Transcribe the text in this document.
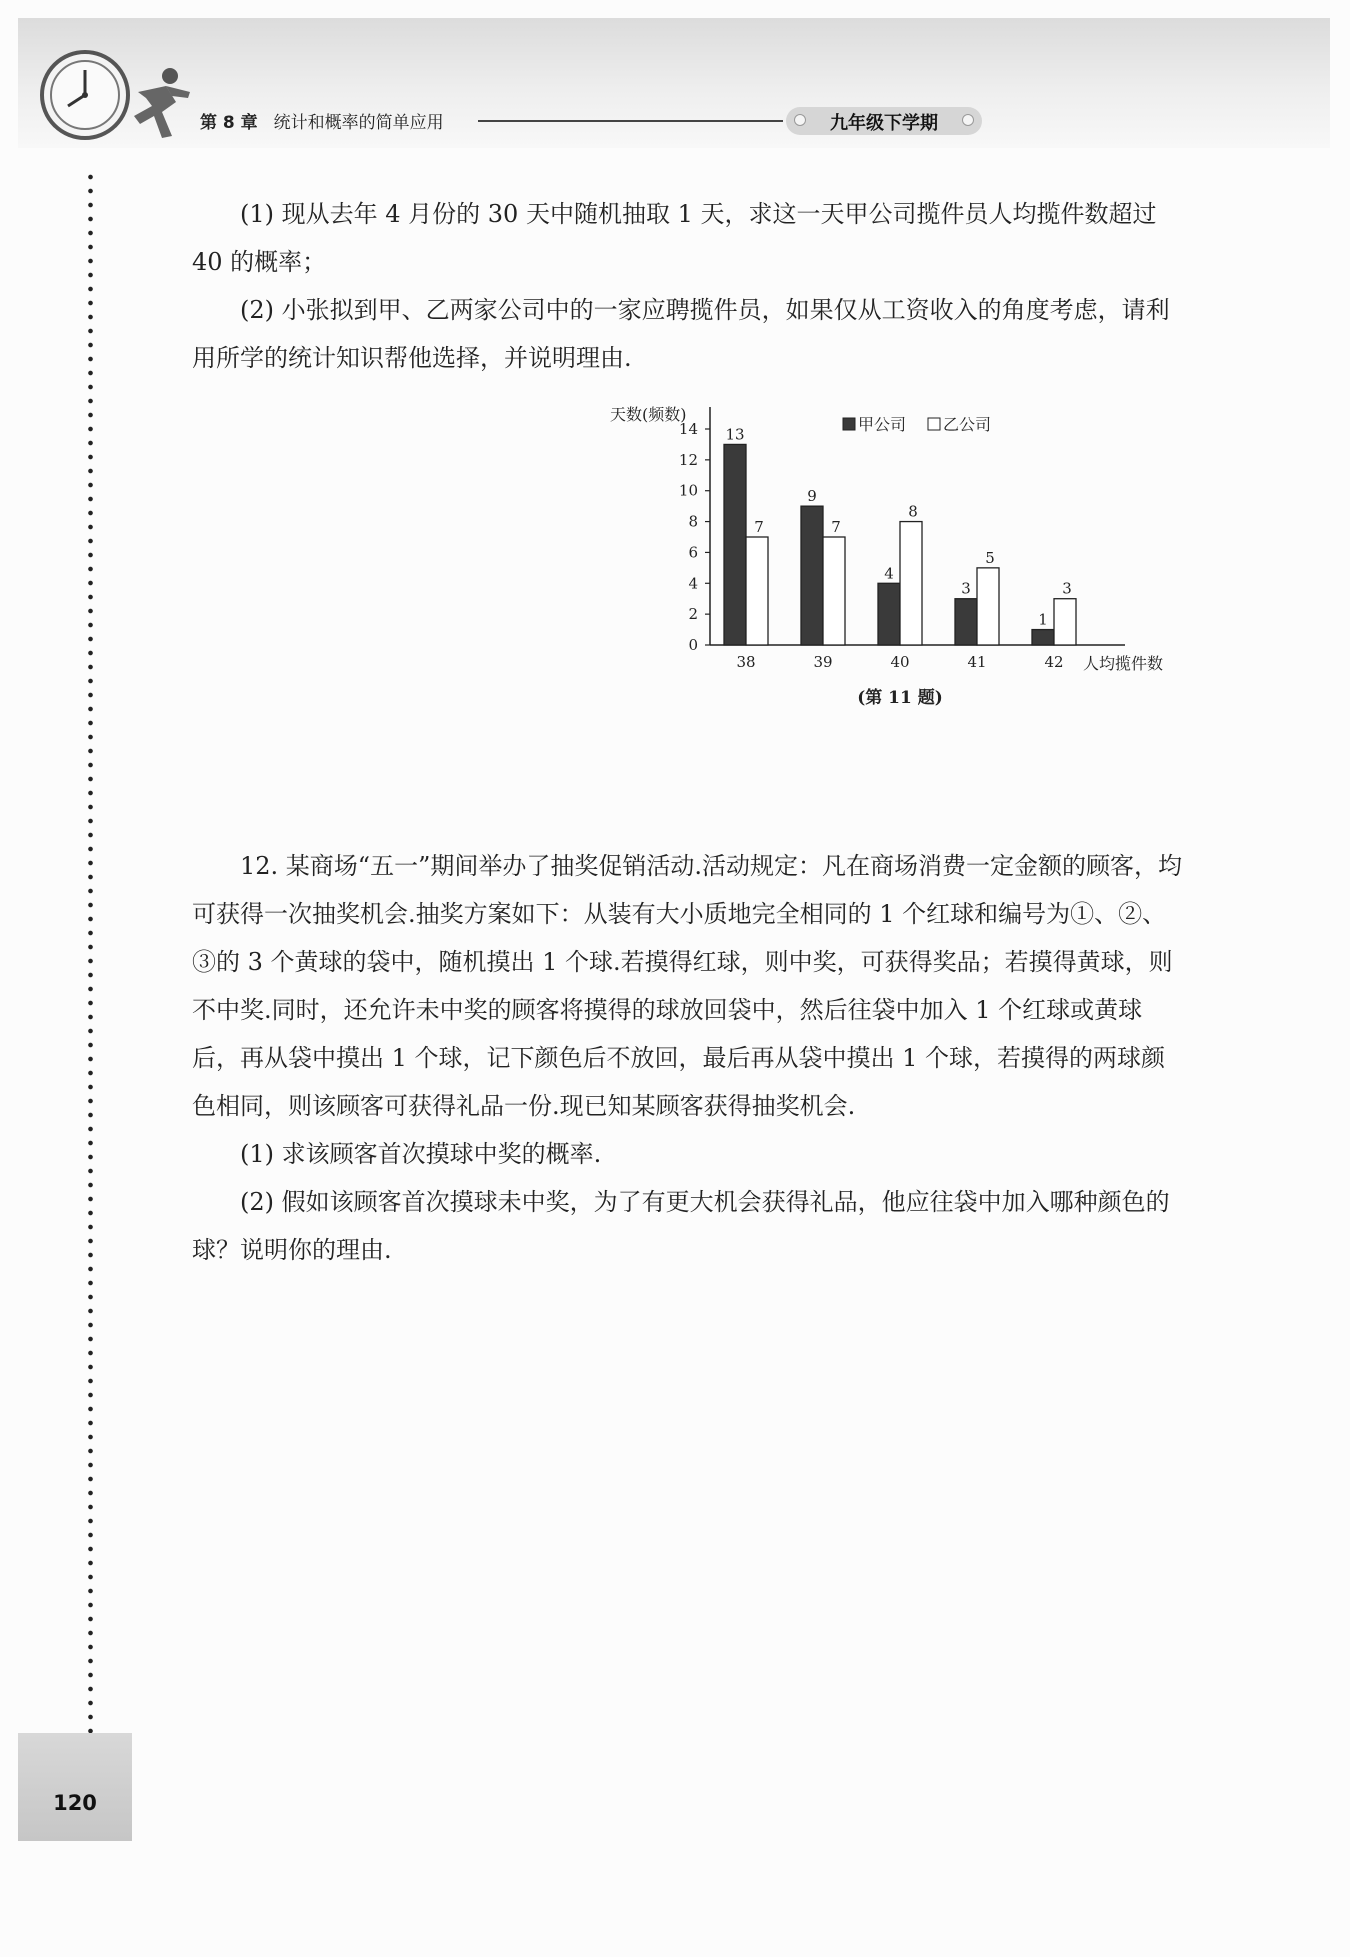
第 8 章 统计和概率的简单应用	九年级下学期

(1) 现从去年 4 月份的 30 天中随机抽取 1 天，求这一天甲公司揽件员人均揽件数超过 40 的概率；

(2) 小张拟到甲、乙两家公司中的一家应聘揽件员，如果仅从工资收入的角度考虑，请利用所学的统计知识帮他选择，并说明理由.

0
2
4
6
8
10
12
14
天数(频数)
13
7
38
9
7
39
4
8
40
3
5
41
1
3
42 人均揽件数
甲公司 乙公司
(第 11 题)

12. 某商场“五一”期间举办了抽奖促销活动.活动规定：凡在商场消费一定金额的顾客，均可获得一次抽奖机会.抽奖方案如下：从装有大小质地完全相同的 1 个红球和编号为①、②、③的 3 个黄球的袋中，随机摸出 1 个球.若摸得红球，则中奖，可获得奖品；若摸得黄球，则不中奖.同时，还允许未中奖的顾客将摸得的球放回袋中，然后往袋中加入 1 个红球或黄球后，再从袋中摸出 1 个球，记下颜色后不放回，最后再从袋中摸出 1 个球，若摸得的两球颜色相同，则该顾客可获得礼品一份.现已知某顾客获得抽奖机会.

(1) 求该顾客首次摸球中奖的概率.

(2) 假如该顾客首次摸球未中奖，为了有更大机会获得礼品，他应往袋中加入哪种颜色的球？说明你的理由.

120
